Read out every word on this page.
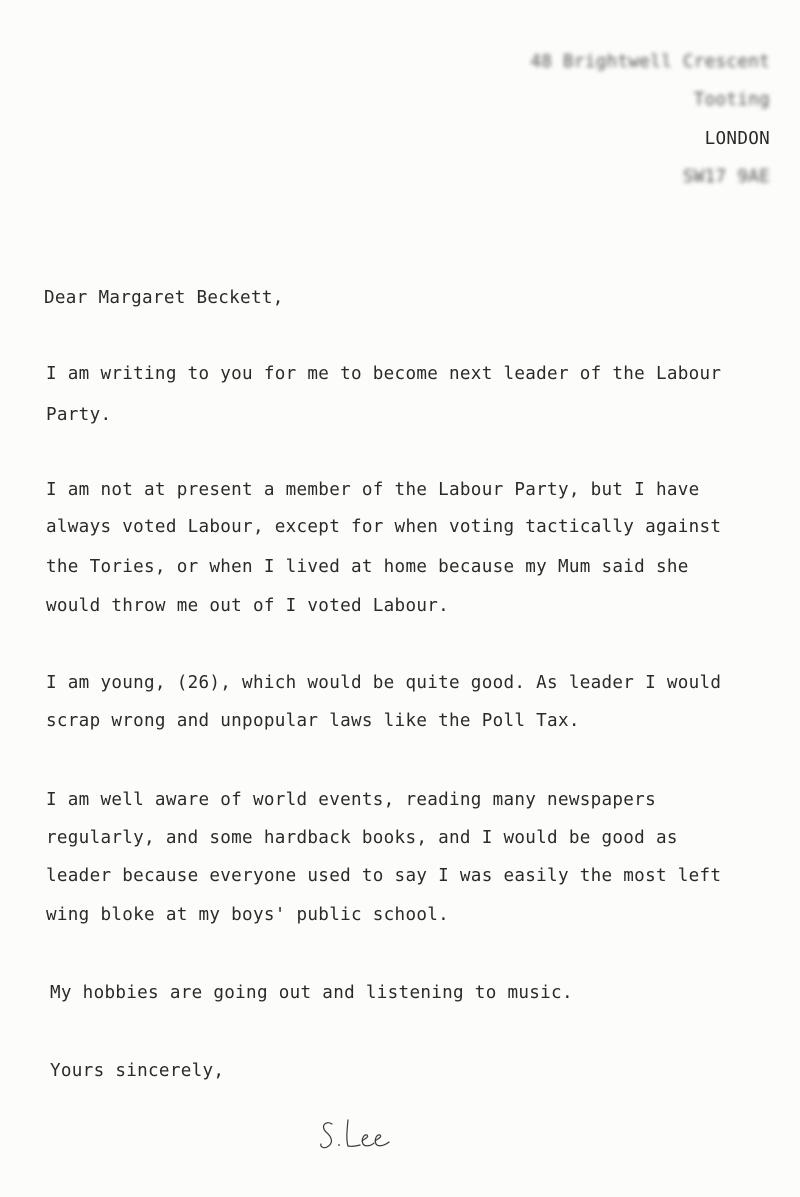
48 Brightwell Crescent
Tooting
LONDON
SW17 9AE
Dear Margaret Beckett,
I am writing to you for me to become next leader of the Labour
Party.
I am not at present a member of the Labour Party, but I have
always voted Labour, except for when voting tactically against
the Tories, or when I lived at home because my Mum said she
would throw me out of I voted Labour.
I am young, (26), which would be quite good. As leader I would
scrap wrong and unpopular laws like the Poll Tax.
I am well aware of world events, reading many newspapers
regularly, and some hardback books, and I would be good as
leader because everyone used to say I was easily the most left
wing bloke at my boys' public school.
My hobbies are going out and listening to music.
Yours sincerely,
